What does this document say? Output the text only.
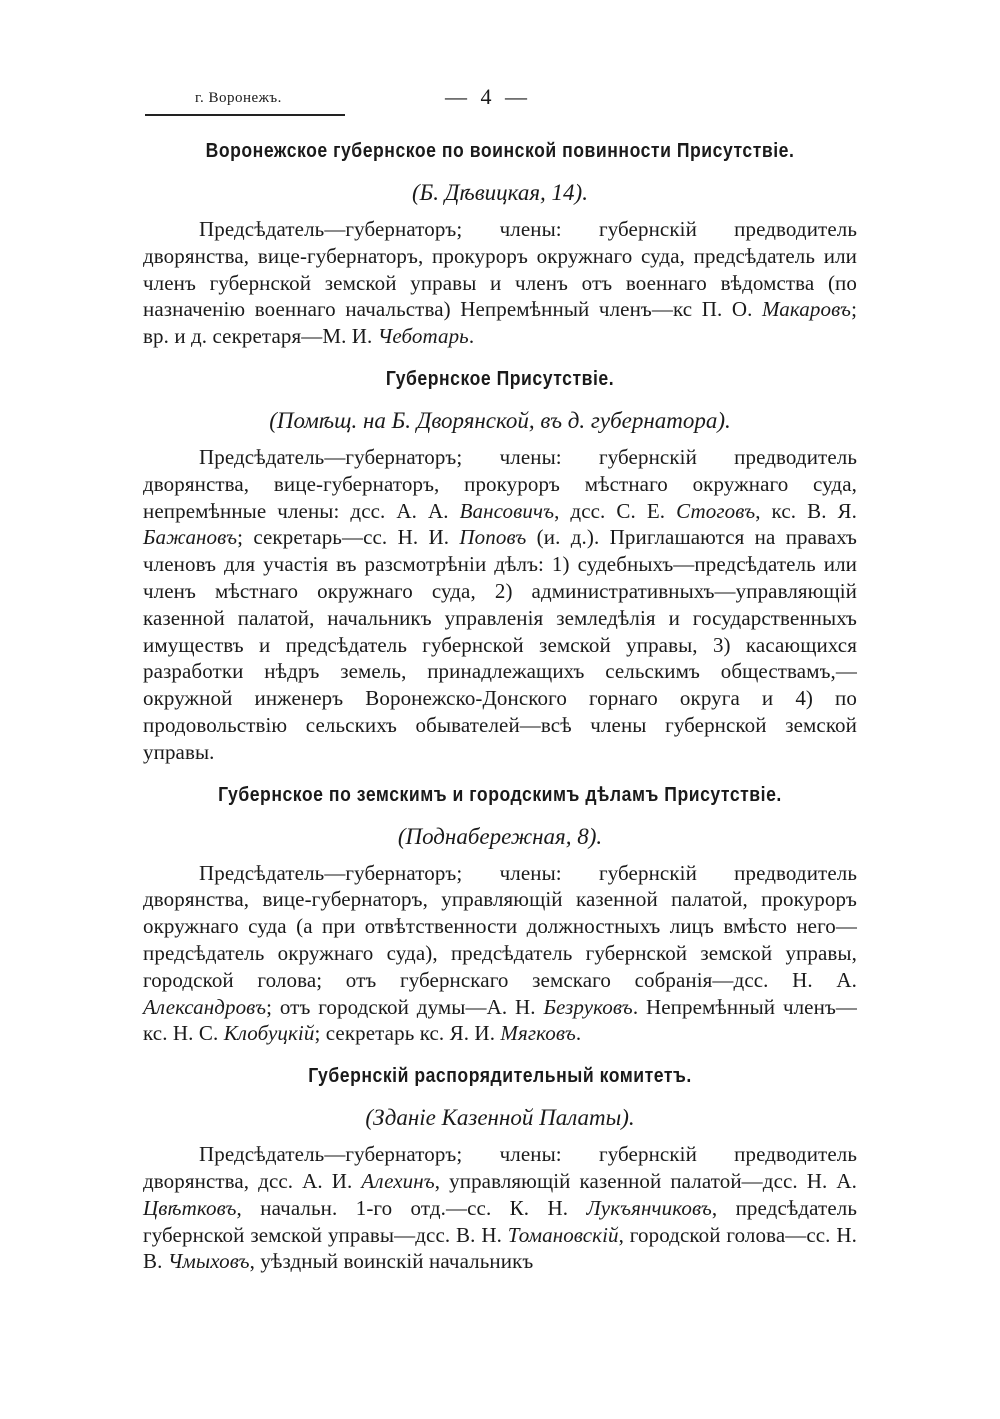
г. Воронежъ.	— 4 —
Воронежское губернское по воинской повинности Присутствіе.
(Б. Дѣвицкая, 14).

Предсѣдатель—губернаторъ; члены: губернскій предводитель дворянства, вице-губернаторъ, прокуроръ окружнаго суда, предсѣдатель или членъ губернской земской управы и членъ отъ военнаго вѣдомства (по назначенію военнаго начальства) Непремѣнный членъ—кс П. О. Макаровъ; вр. и д. секретаря—М. И. Чеботарь.

Губернское Присутствіе.
(Помѣщ. на Б. Дворянской, въ д. губернатора).

Предсѣдатель—губернаторъ; члены: губернскій предводитель дворянства, вице-губернаторъ, прокуроръ мѣстнаго окружнаго суда, непремѣнные члены: дсс. А. А. Вансовичъ, дсс. С. Е. Стоговъ, кс. В. Я. Бажановъ; секретарь—сс. Н. И. Поповъ (и. д.). Приглашаются на правахъ членовъ для участія въ разсмотрѣніи дѣлъ: 1) судебныхъ—предсѣдатель или членъ мѣстнаго окружнаго суда, 2) административныхъ—управляющій казенной палатой, начальникъ управленія земледѣлія и государственныхъ имуществъ и предсѣдатель губернской земской управы, 3) касающихся разработки нѣдръ земель, принадлежащихъ сельскимъ обществамъ,—окружной инженеръ Воронежско-Донского горнаго округа и 4) по продовольствію сельскихъ обывателей—всѣ члены губернской земской управы.

Губернское по земскимъ и городскимъ дѣламъ Присутствіе.
(Поднабережная, 8).

Предсѣдатель—губернаторъ; члены: губернскій предводитель дворянства, вице-губернаторъ, управляющій казенной палатой, прокуроръ окружнаго суда (а при отвѣтственности должностныхъ лицъ вмѣсто него—предсѣдатель окружнаго суда), предсѣдатель губернской земской управы, городской голова; отъ губернскаго земскаго собранія—дсс. Н. А. Александровъ; отъ городской думы—А. Н. Безруковъ. Непремѣнный членъ—кс. Н. С. Клобуцкій; секретарь кс. Я. И. Мягковъ.

Губернскій распорядительный комитетъ.
(Зданіе Казенной Палаты).

Предсѣдатель—губернаторъ; члены: губернскій предводитель дворянства, дсс. А. И. Алехинъ, управляющій казенной палатой—дсс. Н. А. Цвѣтковъ, начальн. 1-го отд.—сс. К. Н. Лукъянчиковъ, предсѣдатель губернской земской управы—дсс. В. Н. Томановскій, городской голова—сс. Н. В. Чмыховъ, уѣздный воинскій начальникъ
